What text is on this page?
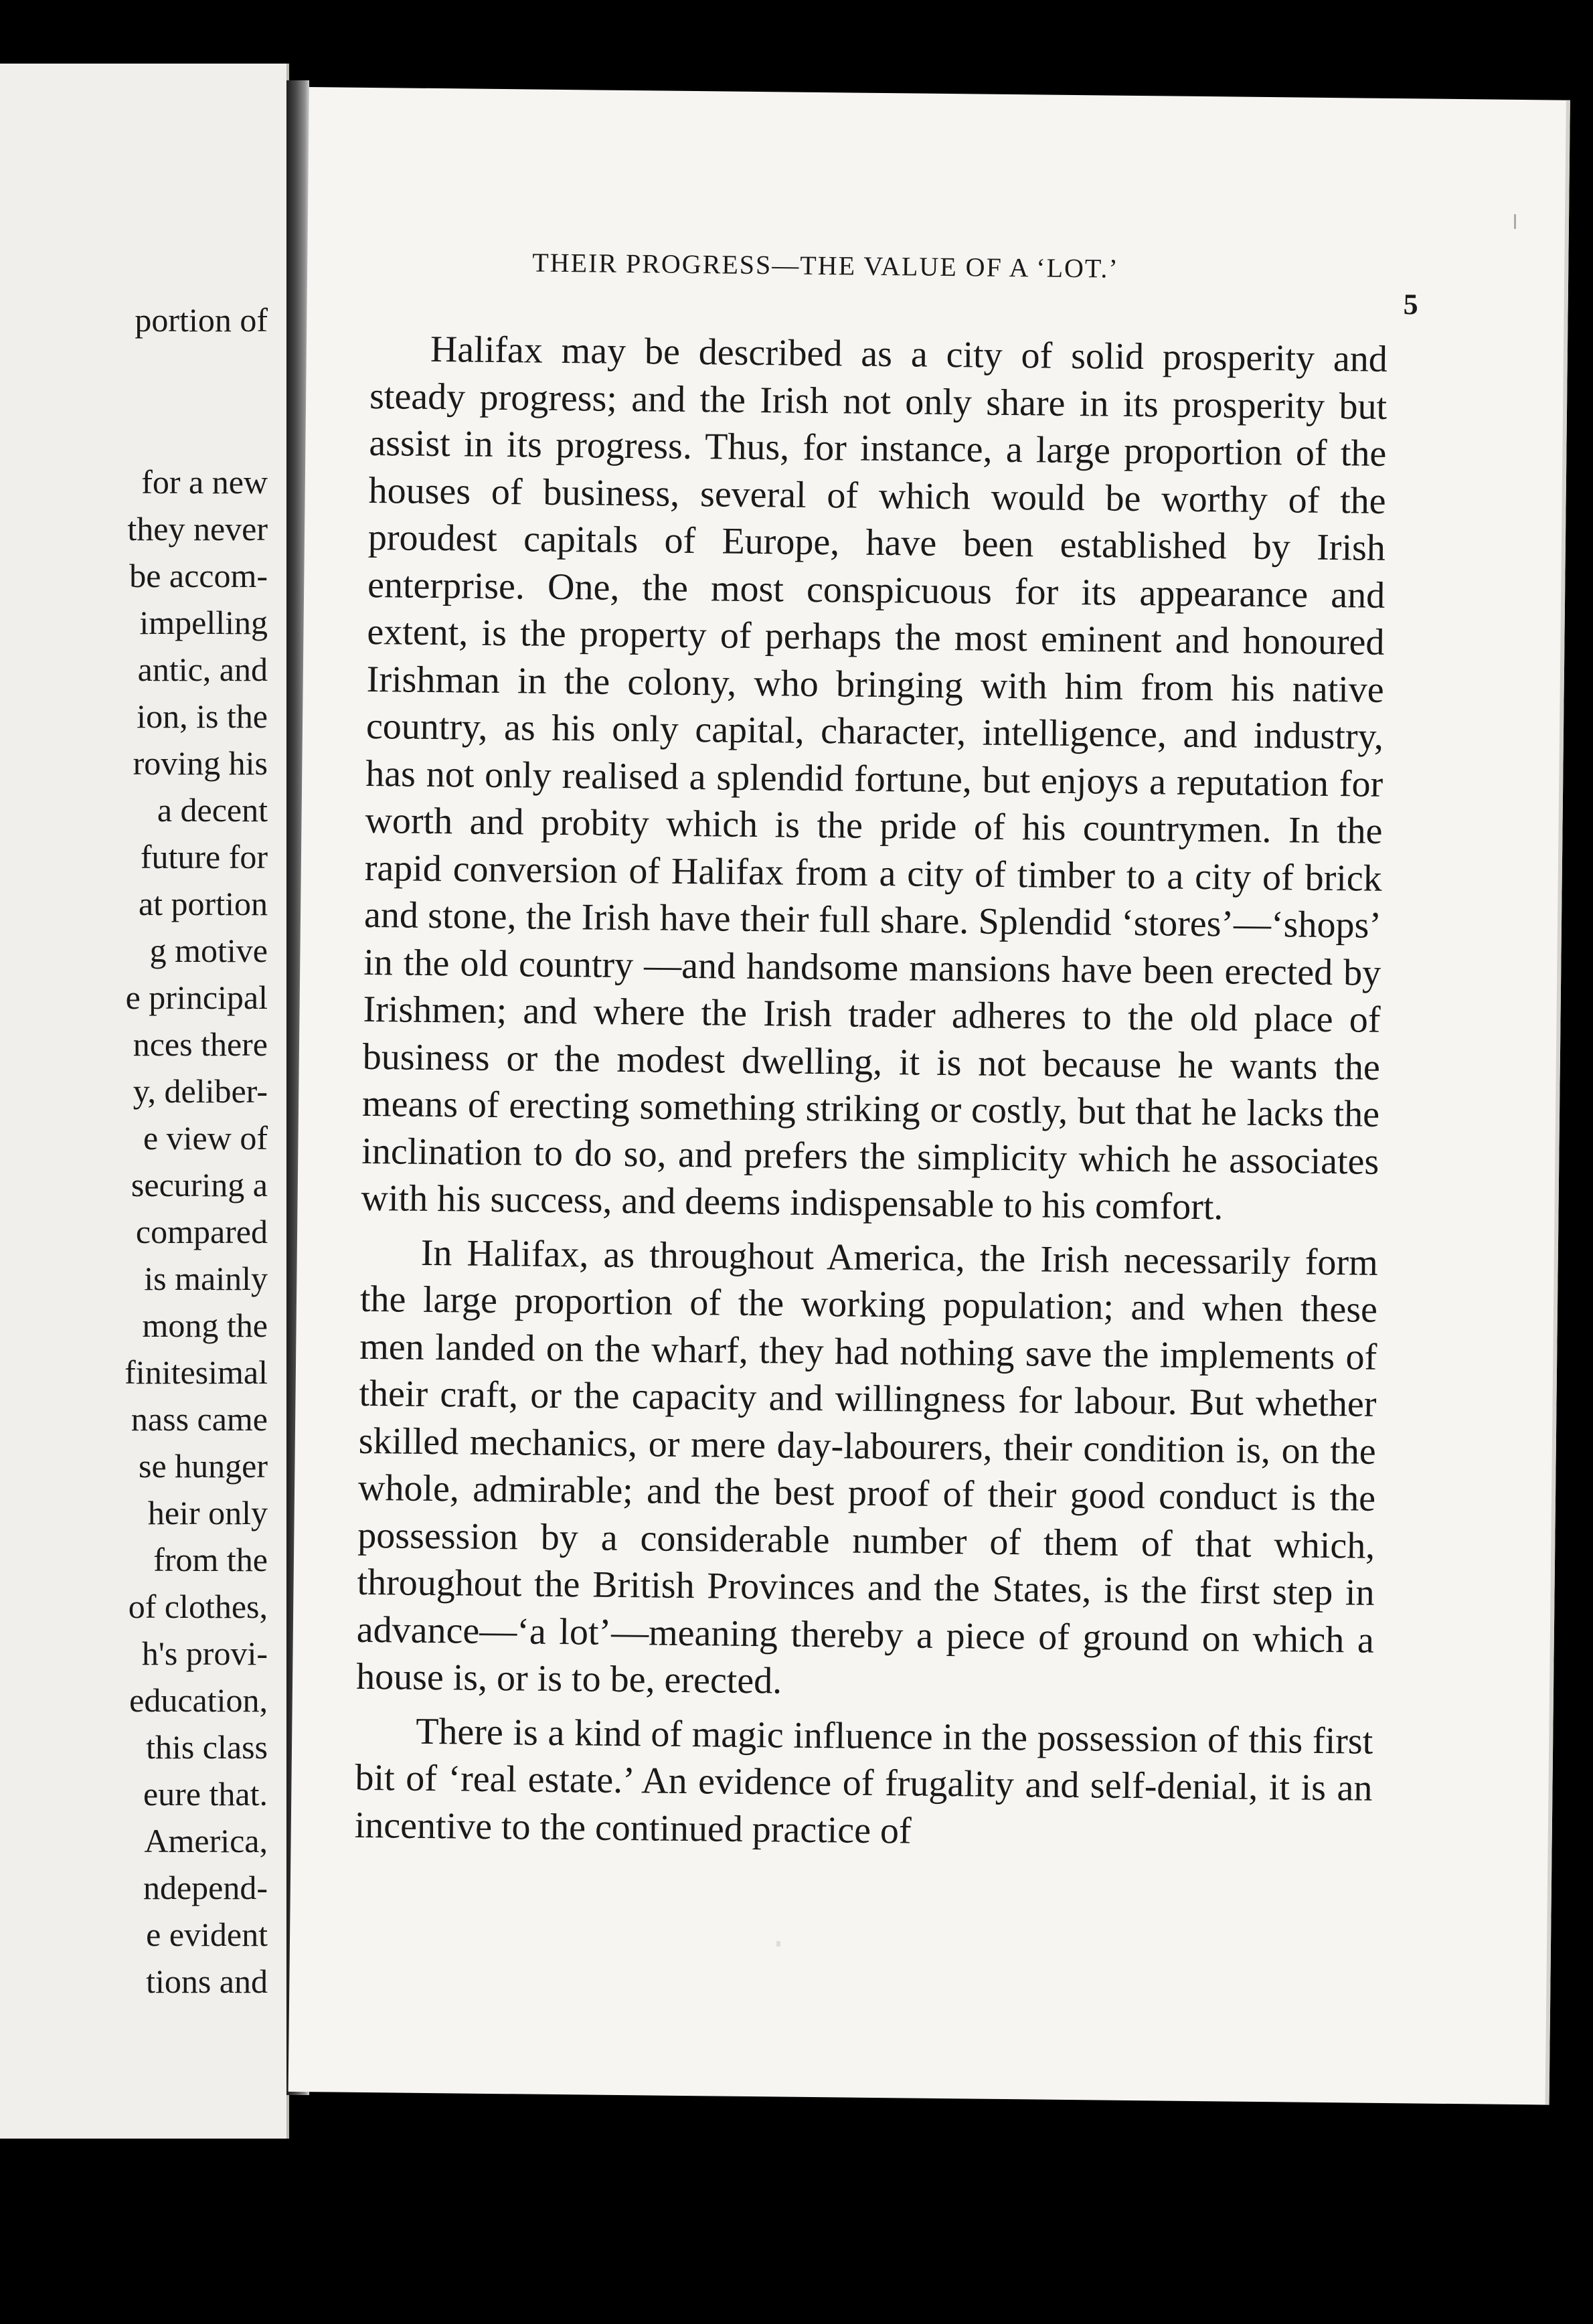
portion of
for a new
they never
be accom-
impelling
antic, and
ion, is the
roving his
a decent
future for
at portion
g motive
e principal
nces there
y, deliber-
e view of
securing a
compared
is mainly
mong the
finitesimal
nass came
se hunger
heir only
from the
of clothes,
h's provi-
education,
this class
eure that.
America,
ndepend-
e evident
tions and
THEIR PROGRESS—THE VALUE OF A ‘LOT.’
5

Halifax may be described as a city of solid prosperity and steady progress; and the Irish not only share in its prosperity but assist in its progress. Thus, for instance, a large proportion of the houses of business, several of which would be worthy of the proudest capitals of Europe, have been established by Irish enterprise. One, the most conspicuous for its appearance and extent, is the property of perhaps the most eminent and honoured Irishman in the colony, who bringing with him from his native country, as his only capital, character, intelligence, and industry, has not only realised a splendid fortune, but enjoys a reputation for worth and probity which is the pride of his countrymen. In the rapid conversion of Halifax from a city of timber to a city of brick and stone, the Irish have their full share. Splendid ‘stores’—‘shops’ in the old country —and handsome mansions have been erected by Irishmen; and where the Irish trader adheres to the old place of business or the modest dwelling, it is not because he wants the means of erecting something striking or costly, but that he lacks the inclination to do so, and prefers the simplicity which he associates with his success, and deems indispensable to his comfort.

In Halifax, as throughout America, the Irish necessarily form the large proportion of the working population; and when these men landed on the wharf, they had nothing save the implements of their craft, or the capacity and willingness for labour. But whether skilled mechanics, or mere day-labourers, their condition is, on the whole, admirable; and the best proof of their good conduct is the possession by a considerable number of them of that which, throughout the British Provinces and the States, is the first step in advance—‘a lot’—meaning thereby a piece of ground on which a house is, or is to be, erected.

There is a kind of magic influence in the possession of this first bit of ‘real estate.’ An evidence of frugality and self-denial, it is an incentive to the continued practice of
